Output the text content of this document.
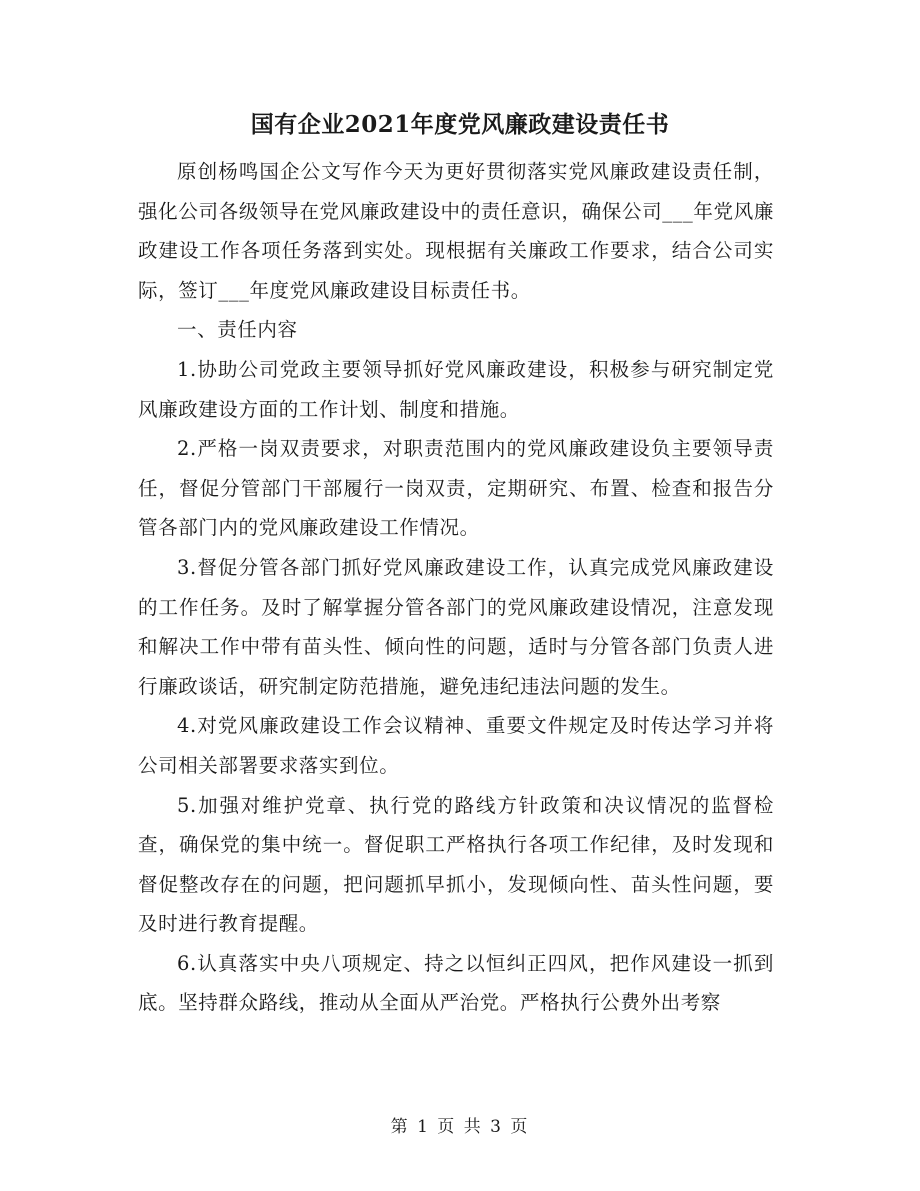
国有企业2021年度党风廉政建设责任书

原创杨鸣国企公文写作今天为更好贯彻落实党风廉政建设责任制，强化公司各级领导在党风廉政建设中的责任意识，确保公司___年党风廉政建设工作各项任务落到实处。现根据有关廉政工作要求，结合公司实际，签订___年度党风廉政建设目标责任书。

一、责任内容

1.协助公司党政主要领导抓好党风廉政建设，积极参与研究制定党风廉政建设方面的工作计划、制度和措施。

2.严格一岗双责要求，对职责范围内的党风廉政建设负主要领导责任，督促分管部门干部履行一岗双责，定期研究、布置、检查和报告分管各部门内的党风廉政建设工作情况。

3.督促分管各部门抓好党风廉政建设工作，认真完成党风廉政建设的工作任务。及时了解掌握分管各部门的党风廉政建设情况，注意发现和解决工作中带有苗头性、倾向性的问题，适时与分管各部门负责人进行廉政谈话，研究制定防范措施，避免违纪违法问题的发生。

4.对党风廉政建设工作会议精神、重要文件规定及时传达学习并将公司相关部署要求落实到位。

5.加强对维护党章、执行党的路线方针政策和决议情况的监督检查，确保党的集中统一。督促职工严格执行各项工作纪律，及时发现和督促整改存在的问题，把问题抓早抓小，发现倾向性、苗头性问题，要及时进行教育提醒。

6.认真落实中央八项规定、持之以恒纠正四风，把作风建设一抓到底。坚持群众路线，推动从全面从严治党。严格执行公费外出考察

第 1 页 共 3 页
